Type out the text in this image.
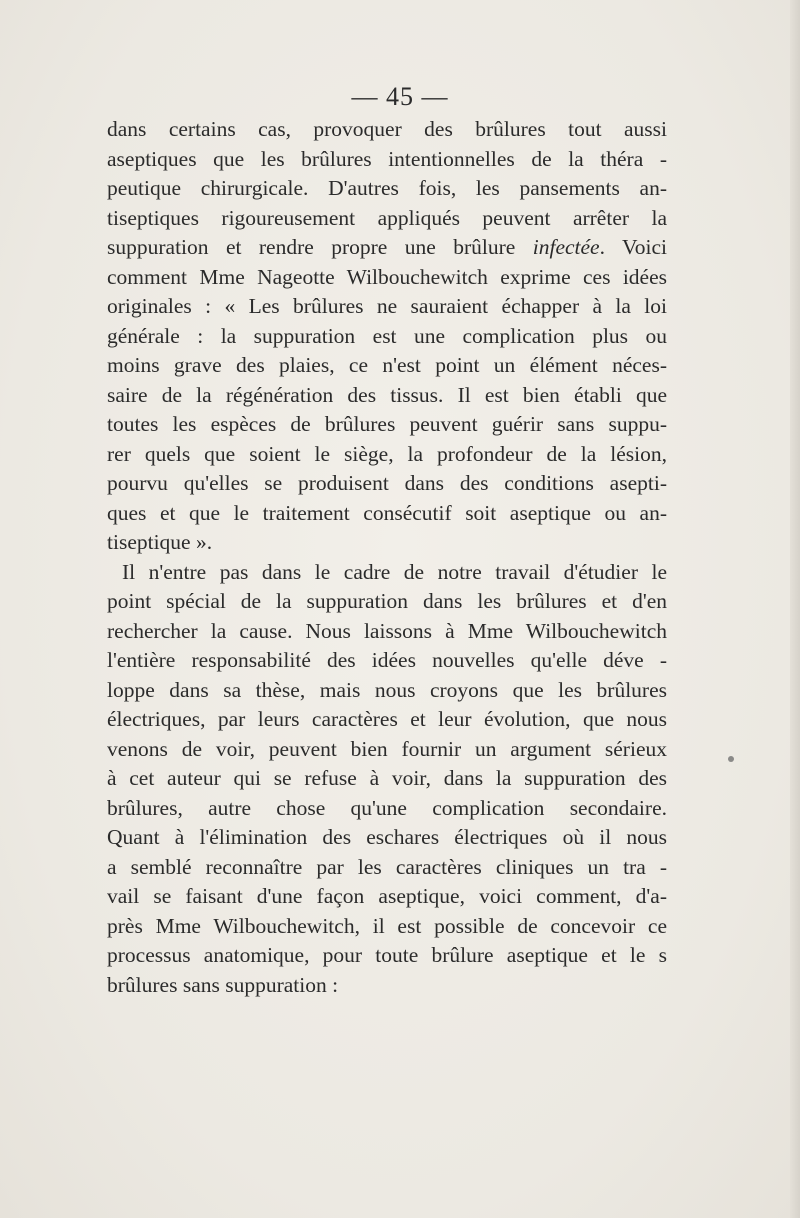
— 45 —
dans certains cas, provoquer des brûlures tout aussi
aseptiques que les brûlures intentionnelles de la théra -
peutique chirurgicale. D'autres fois, les pansements an-
tiseptiques rigoureusement appliqués peuvent arrêter la
suppuration et rendre propre une brûlure infectée. Voici
comment Mme Nageotte Wilbouchewitch exprime ces idées
originales : « Les brûlures ne sauraient échapper à la loi
générale : la suppuration est une complication plus ou
moins grave des plaies, ce n'est point un élément néces-
saire de la régénération des tissus. Il est bien établi que
toutes les espèces de brûlures peuvent guérir sans suppu-
rer quels que soient le siège, la profondeur de la lésion,
pourvu qu'elles se produisent dans des conditions asepti-
ques et que le traitement consécutif soit aseptique ou an-
tiseptique ».
Il n'entre pas dans le cadre de notre travail d'étudier le
point spécial de la suppuration dans les brûlures et d'en
rechercher la cause. Nous laissons à Mme Wilbouchewitch
l'entière responsabilité des idées nouvelles qu'elle déve -
loppe dans sa thèse, mais nous croyons que les brûlures
électriques, par leurs caractères et leur évolution, que nous
venons de voir, peuvent bien fournir un argument sérieux
à cet auteur qui se refuse à voir, dans la suppuration des
brûlures, autre chose qu'une complication secondaire.
Quant à l'élimination des eschares électriques où il nous
a semblé reconnaître par les caractères cliniques un tra -
vail se faisant d'une façon aseptique, voici comment, d'a-
près Mme Wilbouchewitch, il est possible de concevoir ce
processus anatomique, pour toute brûlure aseptique et le s
brûlures sans suppuration :
